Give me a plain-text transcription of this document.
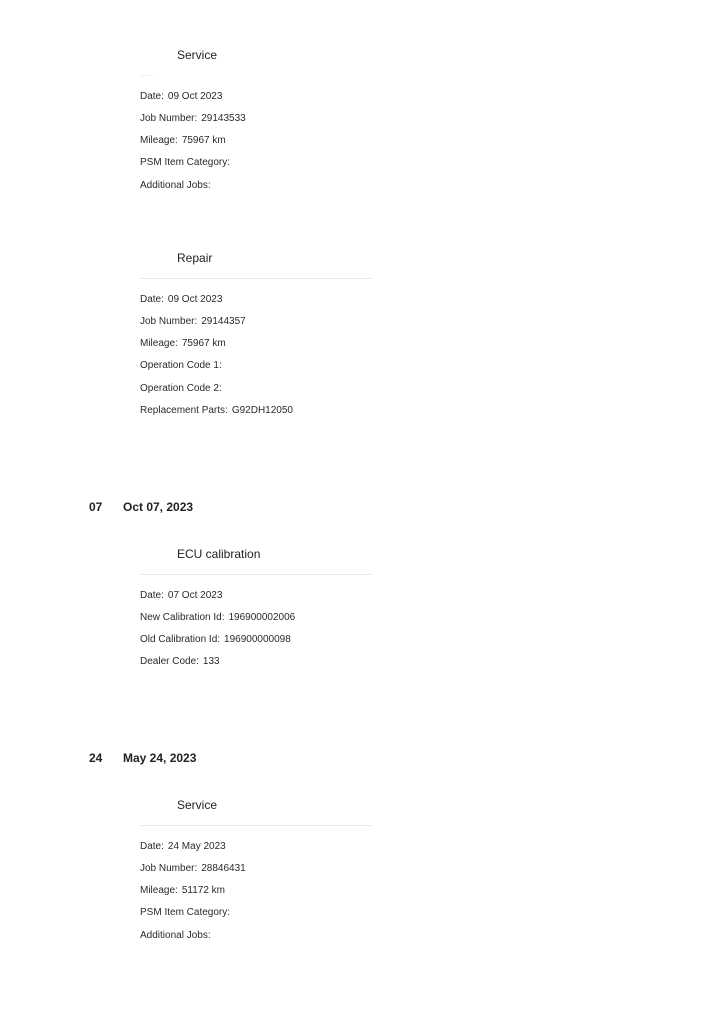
Service
Date: 09 Oct 2023
Job Number: 29143533
Mileage: 75967 km
PSM Item Category:
Additional Jobs:
Repair
Date: 09 Oct 2023
Job Number: 29144357
Mileage: 75967 km
Operation Code 1:
Operation Code 2:
Replacement Parts: G92DH12050
07 Oct 07, 2023
ECU calibration
Date: 07 Oct 2023
New Calibration Id: 196900002006
Old Calibration Id: 196900000098
Dealer Code: 133
24 May 24, 2023
Service
Date: 24 May 2023
Job Number: 28846431
Mileage: 51172 km
PSM Item Category:
Additional Jobs:
